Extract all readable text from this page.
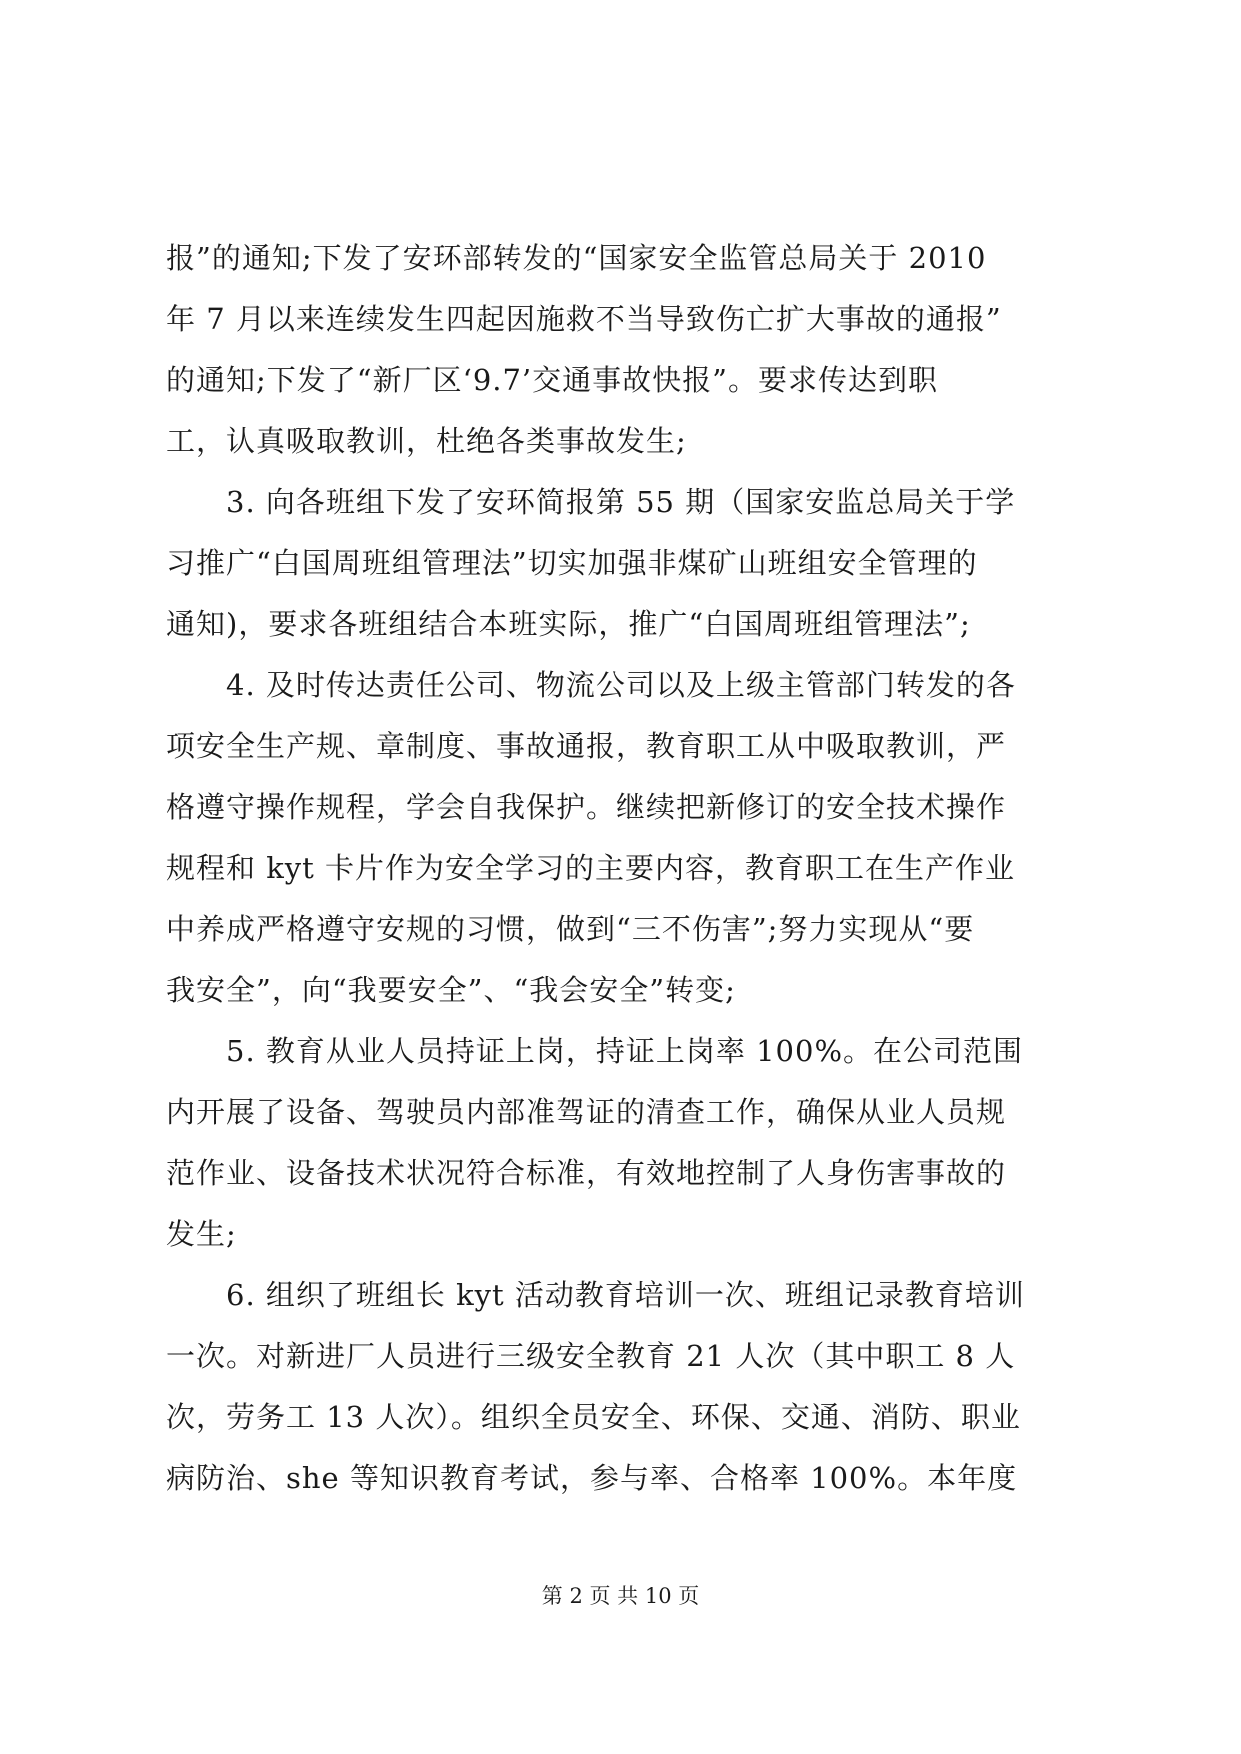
报”的通知;下发了安环部转发的“国家安全监管总局关于 2010
年 7 月以来连续发生四起因施救不当导致伤亡扩大事故的通报”
的通知;下发了“新厂区‘9.7’交通事故快报”。要求传达到职
工，认真吸取教训，杜绝各类事故发生;
3. 向各班组下发了安环简报第 55 期（国家安监总局关于学
习推广“白国周班组管理法”切实加强非煤矿山班组安全管理的
通知)，要求各班组结合本班实际，推广“白国周班组管理法”;
4. 及时传达责任公司、物流公司以及上级主管部门转发的各
项安全生产规、章制度、事故通报，教育职工从中吸取教训，严
格遵守操作规程，学会自我保护。继续把新修订的安全技术操作
规程和 kyt 卡片作为安全学习的主要内容，教育职工在生产作业
中养成严格遵守安规的习惯，做到“三不伤害”;努力实现从“要
我安全”，向“我要安全”、“我会安全”转变;
5. 教育从业人员持证上岗，持证上岗率 100%。在公司范围
内开展了设备、驾驶员内部准驾证的清查工作，确保从业人员规
范作业、设备技术状况符合标准，有效地控制了人身伤害事故的
发生;
6. 组织了班组长 kyt 活动教育培训一次、班组记录教育培训
一次。对新进厂人员进行三级安全教育 21 人次（其中职工 8 人
次，劳务工 13 人次）。组织全员安全、环保、交通、消防、职业
病防治、she 等知识教育考试，参与率、合格率 100%。本年度
第 2 页 共 10 页
